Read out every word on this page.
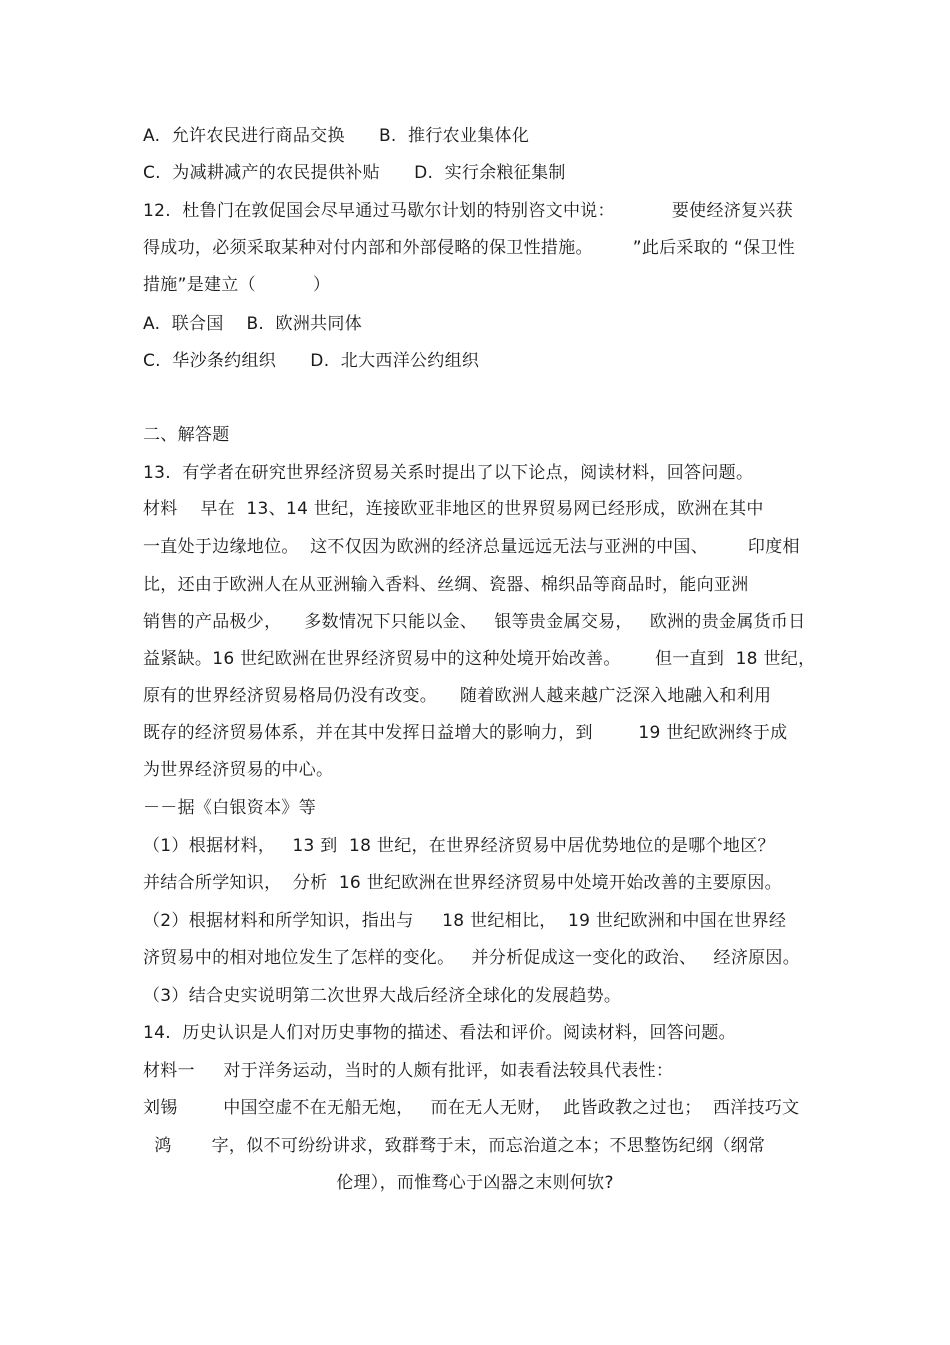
A.  允许农民进行商品交换      B.  推行农业集体化
C.  为减耕减产的农民提供补贴      D.  实行余粮征集制
12.  杜鲁门在敦促国会尽早通过马歇尔计划的特别咨文中说：          要使经济复兴获
得成功，必须采取某种对付内部和外部侵略的保卫性措施。       ”此后采取的 “保卫性
措施”是建立（          ）
A.  联合国    B.  欧洲共同体
C.  华沙条约组织      D.  北大西洋公约组织
二、解答题
13.  有学者在研究世界经济贸易关系时提出了以下论点，阅读材料，回答问题。
材料    早在  13、14 世纪，连接欧亚非地区的世界贸易网已经形成，欧洲在其中
一直处于边缘地位。  这不仅因为欧洲的经济总量远远无法与亚洲的中国、       印度相
比，还由于欧洲人在从亚洲输入香料、丝绸、瓷器、棉织品等商品时，能向亚洲
销售的产品极少，    多数情况下只能以金、   银等贵金属交易，   欧洲的贵金属货币日
益紧缺。16 世纪欧洲在世界经济贸易中的这种处境开始改善。      但一直到  18 世纪，
原有的世界经济贸易格局仍没有改变。    随着欧洲人越来越广泛深入地融入和利用
既存的经济贸易体系，并在其中发挥日益增大的影响力，到        19 世纪欧洲终于成
为世界经济贸易的中心。
－－据《白银资本》等
（1）根据材料，   13 到  18 世纪，在世界经济贸易中居优势地位的是哪个地区？
并结合所学知识，  分析  16 世纪欧洲在世界经济贸易中处境开始改善的主要原因。
（2）根据材料和所学知识，指出与     18 世纪相比，  19 世纪欧洲和中国在世界经
济贸易中的相对地位发生了怎样的变化。   并分析促成这一变化的政治、   经济原因。
（3）结合史实说明第二次世界大战后经济全球化的发展趋势。
14.  历史认识是人们对历史事物的描述、看法和评价。阅读材料，回答问题。
材料一     对于洋务运动，当时的人颇有批评，如表看法较具代表性：
刘锡        中国空虚不在无船无炮，   而在无人无财，  此皆政教之过也；  西洋技巧文
鸿       字，似不可纷纷讲求，致群骛于末，而忘治道之本；不思整饬纪纲（纲常
伦理），而惟骛心于凶器之末则何欤?
